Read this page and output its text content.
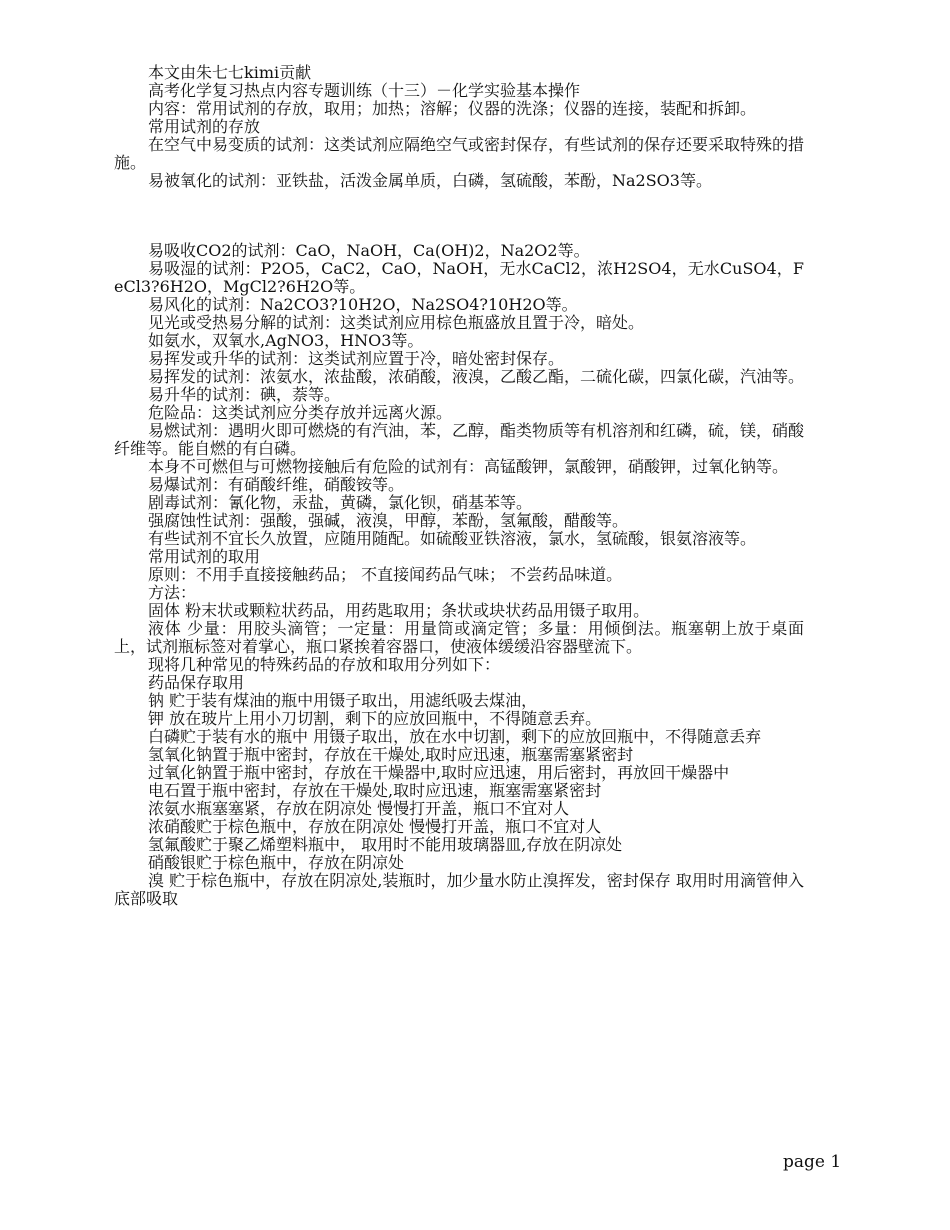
本文由朱七七kimi贡献

高考化学复习热点内容专题训练（十三）－化学实验基本操作

内容：常用试剂的存放，取用；加热；溶解；仪器的洗涤；仪器的连接，装配和拆卸。

常用试剂的存放

在空气中易变质的试剂：这类试剂应隔绝空气或密封保存，有些试剂的保存还要采取特殊的措施。

易被氧化的试剂：亚铁盐，活泼金属单质，白磷，氢硫酸，苯酚，Na2SO3等。

易吸收CO2的试剂：CaO，NaOH，Ca(OH)2，Na2O2等。

易吸湿的试剂：P2O5，CaC2，CaO，NaOH，无水CaCl2，浓H2SO4，无水CuSO4，FeCl3?6H2O，MgCl2?6H2O等。

易风化的试剂：Na2CO3?10H2O，Na2SO4?10H2O等。

见光或受热易分解的试剂：这类试剂应用棕色瓶盛放且置于冷，暗处。

如氨水，双氧水,AgNO3，HNO3等。

易挥发或升华的试剂：这类试剂应置于冷，暗处密封保存。

易挥发的试剂：浓氨水，浓盐酸，浓硝酸，液溴，乙酸乙酯，二硫化碳，四氯化碳，汽油等。

易升华的试剂：碘，萘等。

危险品：这类试剂应分类存放并远离火源。

易燃试剂：遇明火即可燃烧的有汽油，苯，乙醇，酯类物质等有机溶剂和红磷，硫，镁，硝酸纤维等。能自燃的有白磷。

本身不可燃但与可燃物接触后有危险的试剂有：高锰酸钾，氯酸钾，硝酸钾，过氧化钠等。

易爆试剂：有硝酸纤维，硝酸铵等。

剧毒试剂：氰化物，汞盐，黄磷，氯化钡，硝基苯等。

强腐蚀性试剂：强酸，强碱，液溴，甲醇，苯酚，氢氟酸，醋酸等。

有些试剂不宜长久放置，应随用随配。如硫酸亚铁溶液，氯水，氢硫酸，银氨溶液等。

常用试剂的取用

原则：不用手直接接触药品； 不直接闻药品气味； 不尝药品味道。

方法：

固体 粉末状或颗粒状药品，用药匙取用；条状或块状药品用镊子取用。

液体 少量：用胶头滴管；一定量：用量筒或滴定管；多量：用倾倒法。瓶塞朝上放于桌面上，试剂瓶标签对着掌心，瓶口紧挨着容器口，使液体缓缓沿容器壁流下。

现将几种常见的特殊药品的存放和取用分列如下：

药品保存取用

钠 贮于装有煤油的瓶中用镊子取出，用滤纸吸去煤油，

钾 放在玻片上用小刀切割，剩下的应放回瓶中，不得随意丢弃。

白磷贮于装有水的瓶中 用镊子取出，放在水中切割，剩下的应放回瓶中，不得随意丢弃

氢氧化钠置于瓶中密封，存放在干燥处,取时应迅速，瓶塞需塞紧密封

过氧化钠置于瓶中密封，存放在干燥器中,取时应迅速，用后密封，再放回干燥器中

电石置于瓶中密封，存放在干燥处,取时应迅速，瓶塞需塞紧密封

浓氨水瓶塞塞紧，存放在阴凉处 慢慢打开盖，瓶口不宜对人

浓硝酸贮于棕色瓶中，存放在阴凉处 慢慢打开盖，瓶口不宜对人

氢氟酸贮于聚乙烯塑料瓶中， 取用时不能用玻璃器皿,存放在阴凉处

硝酸银贮于棕色瓶中，存放在阴凉处

溴 贮于棕色瓶中，存放在阴凉处,装瓶时，加少量水防止溴挥发，密封保存 取用时用滴管伸入底部吸取

page 1
